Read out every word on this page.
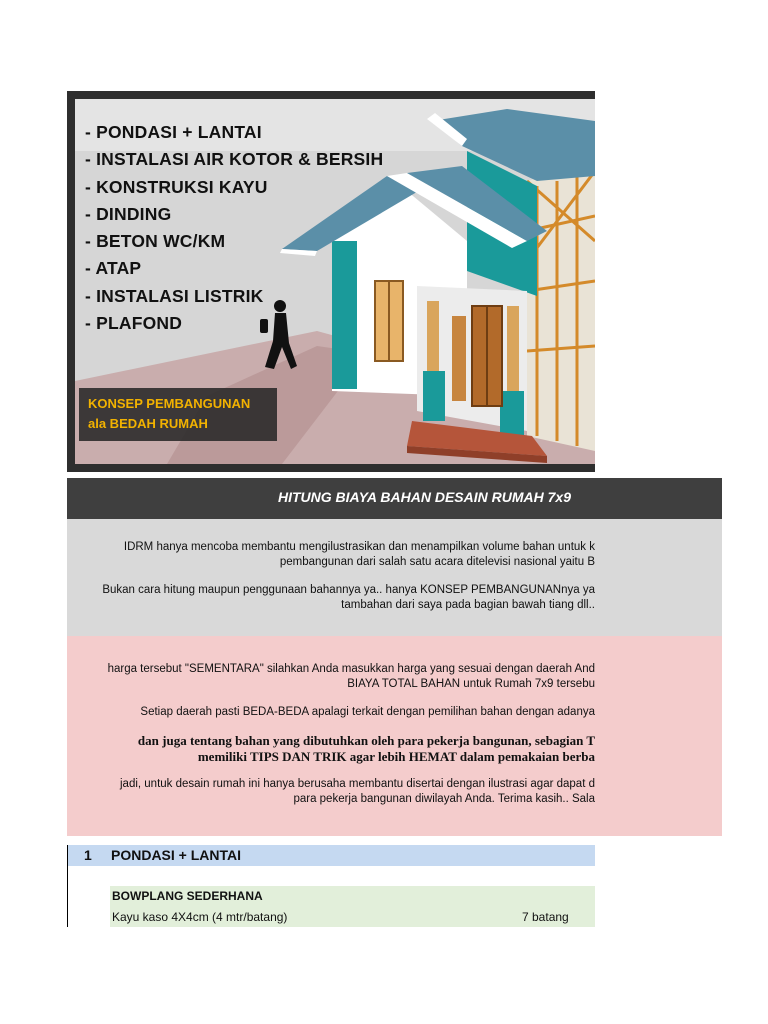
- PONDASI + LANTAI
- INSTALASI AIR KOTOR & BERSIH
- KONSTRUKSI KAYU
- DINDING
- BETON WC/KM
- ATAP
- INSTALASI LISTRIK
- PLAFOND
KONSEP PEMBANGUNAN
ala BEDAH RUMAH
HITUNG BIAYA BAHAN DESAIN RUMAH 7x9
IDRM hanya mencoba membantu mengilustrasikan dan menampilkan volume bahan untuk k
pembangunan dari salah satu acara ditelevisi nasional yaitu B
Bukan cara hitung maupun penggunaan bahannya ya.. hanya KONSEP PEMBANGUNANnya ya
tambahan dari saya pada bagian bawah tiang dll..
harga tersebut "SEMENTARA" silahkan Anda masukkan harga yang sesuai dengan daerah And
BIAYA TOTAL BAHAN untuk Rumah 7x9 tersebu
Setiap daerah pasti BEDA-BEDA apalagi terkait dengan pemilihan bahan dengan adanya
dan juga tentang bahan yang dibutuhkan oleh para pekerja bangunan, sebagian T
memiliki TIPS DAN TRIK agar lebih HEMAT dalam pemakaian berba
jadi, untuk desain rumah ini hanya berusaha membantu disertai dengan ilustrasi agar dapat d
para pekerja bangunan diwilayah Anda. Terima kasih.. Sala
1 PONDASI + LANTAI
BOWPLANG SEDERHANA
Kayu kaso 4X4cm (4 mtr/batang)	7 batang
